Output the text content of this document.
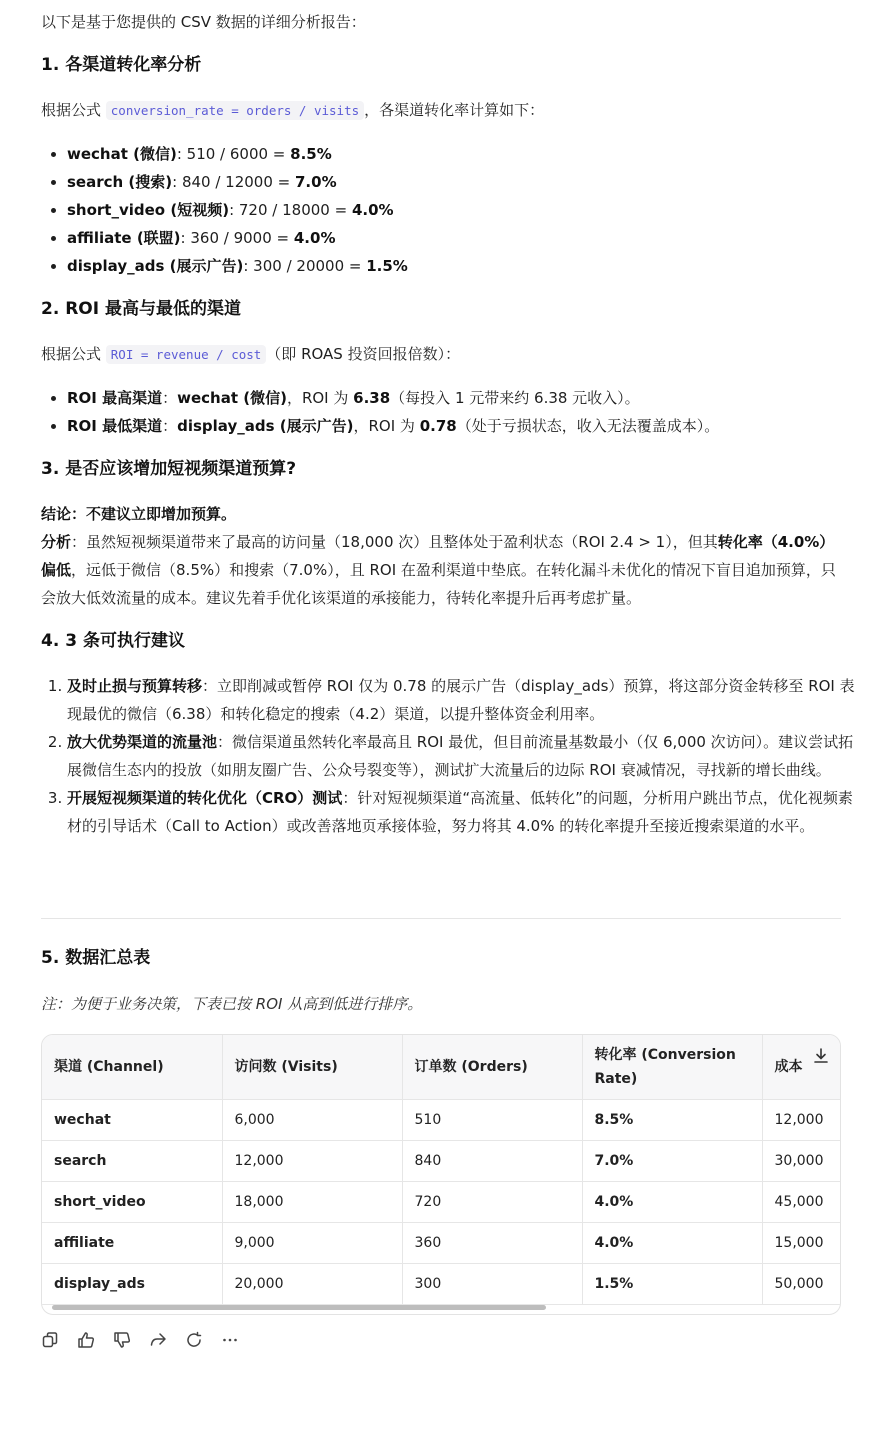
以下是基于您提供的 CSV 数据的详细分析报告：

1. 各渠道转化率分析

根据公式 conversion_rate = orders / visits ，各渠道转化率计算如下：

• wechat (微信): 510 / 6000 = 8.5%
• search (搜索): 840 / 12000 = 7.0%
• short_video (短视频): 720 / 18000 = 4.0%
• affiliate (联盟): 360 / 9000 = 4.0%
• display_ads (展示广告): 300 / 20000 = 1.5%
2. ROI 最高与最低的渠道

根据公式 ROI = revenue / cost （即 ROAS 投资回报倍数）：

• ROI 最高渠道：wechat (微信)，ROI 为 6.38（每投入 1 元带来约 6.38 元收入）。
• ROI 最低渠道：display_ads (展示广告)，ROI 为 0.78（处于亏损状态，收入无法覆盖成本）。
3. 是否应该增加短视频渠道预算?

结论：不建议立即增加预算。

分析：虽然短视频渠道带来了最高的访问量（18,000 次）且整体处于盈利状态（ROI 2.4 > 1），但其转化率（4.0%）偏低，远低于微信（8.5%）和搜索（7.0%），且 ROI 在盈利渠道中垫底。在转化漏斗未优化的情况下盲目追加预算，只会放大低效流量的成本。建议先着手优化该渠道的承接能力，待转化率提升后再考虑扩量。

4. 3 条可执行建议
1. 及时止损与预算转移：立即削减或暂停 ROI 仅为 0.78 的展示广告（display_ads）预算，将这部分资金转移至 ROI 表现最优的微信（6.38）和转化稳定的搜索（4.2）渠道，以提升整体资金利用率。
2. 放大优势渠道的流量池：微信渠道虽然转化率最高且 ROI 最优，但目前流量基数最小（仅 6,000 次访问）。建议尝试拓展微信生态内的投放（如朋友圈广告、公众号裂变等），测试扩大流量后的边际 ROI 衰减情况，寻找新的增长曲线。
3. 开展短视频渠道的转化优化（CRO）测试：针对短视频渠道“高流量、低转化”的问题，分析用户跳出节点，优化视频素材的引导话术（Call to Action）或改善落地页承接体验，努力将其 4.0% 的转化率提升至接近搜索渠道的水平。
5. 数据汇总表

注：为便于业务决策，下表已按 ROI 从高到低进行排序。

渠道 (Channel)	访问数 (Visits)	订单数 (Orders)	转化率 (Conversion Rate)	成本
wechat	6,000	510	8.5%	12,000
search	12,000	840	7.0%	30,000
short_video	18,000	720	4.0%	45,000
affiliate	9,000	360	4.0%	15,000
display_ads	20,000	300	1.5%	50,000
